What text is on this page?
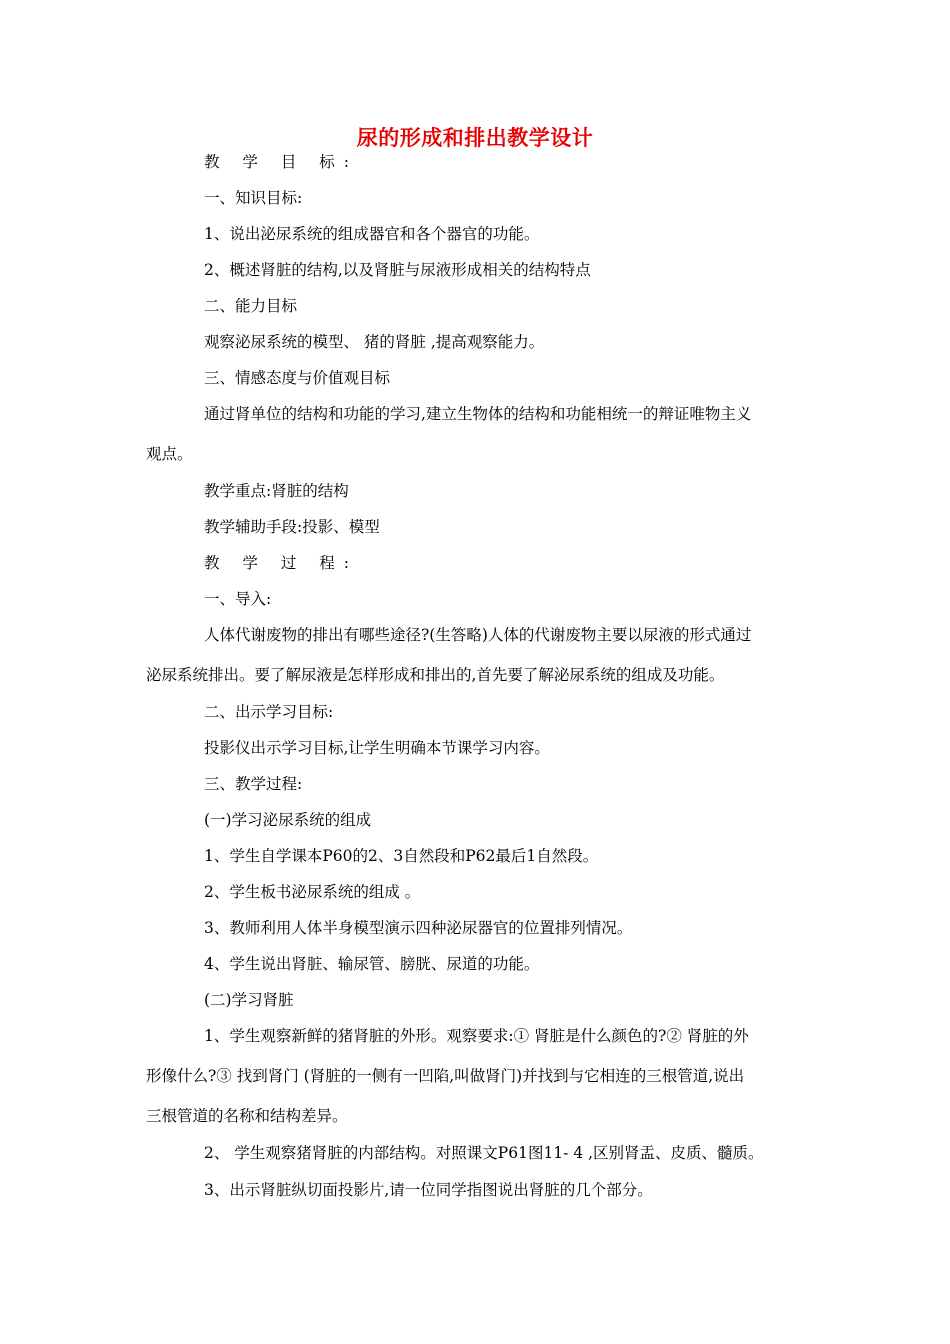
尿的形成和排出教学设计
教 学 目 标:
一、知识目标:
1、说出泌尿系统的组成器官和各个器官的功能。
2、概述肾脏的结构,以及肾脏与尿液形成相关的结构特点
二、能力目标
观察泌尿系统的模型、 猪的肾脏 ,提高观察能力。
三、情感态度与价值观目标
通过肾单位的结构和功能的学习,建立生物体的结构和功能相统一的辩证唯物主义
观点。
教学重点:肾脏的结构
教学辅助手段:投影、模型
教 学 过 程:
一、导入:
人体代谢废物的排出有哪些途径?(生答略)人体的代谢废物主要以尿液的形式通过
泌尿系统排出。要了解尿液是怎样形成和排出的,首先要了解泌尿系统的组成及功能。
二、出示学习目标:
投影仪出示学习目标,让学生明确本节课学习内容。
三、教学过程:
(一)学习泌尿系统的组成
1、学生自学课本P60的2、3自然段和P62最后1自然段。
2、学生板书泌尿系统的组成 。
3、教师利用人体半身模型演示四种泌尿器官的位置排列情况。
4、学生说出肾脏、输尿管、膀胱、尿道的功能。
(二)学习肾脏
1、学生观察新鲜的猪肾脏的外形。观察要求:① 肾脏是什么颜色的?② 肾脏的外
形像什么?③ 找到肾门 (肾脏的一侧有一凹陷,叫做肾门)并找到与它相连的三根管道,说出
三根管道的名称和结构差异。
2、 学生观察猪肾脏的内部结构。对照课文P61图11- 4 ,区别肾盂、皮质、髓质。
3、出示肾脏纵切面投影片,请一位同学指图说出肾脏的几个部分。
